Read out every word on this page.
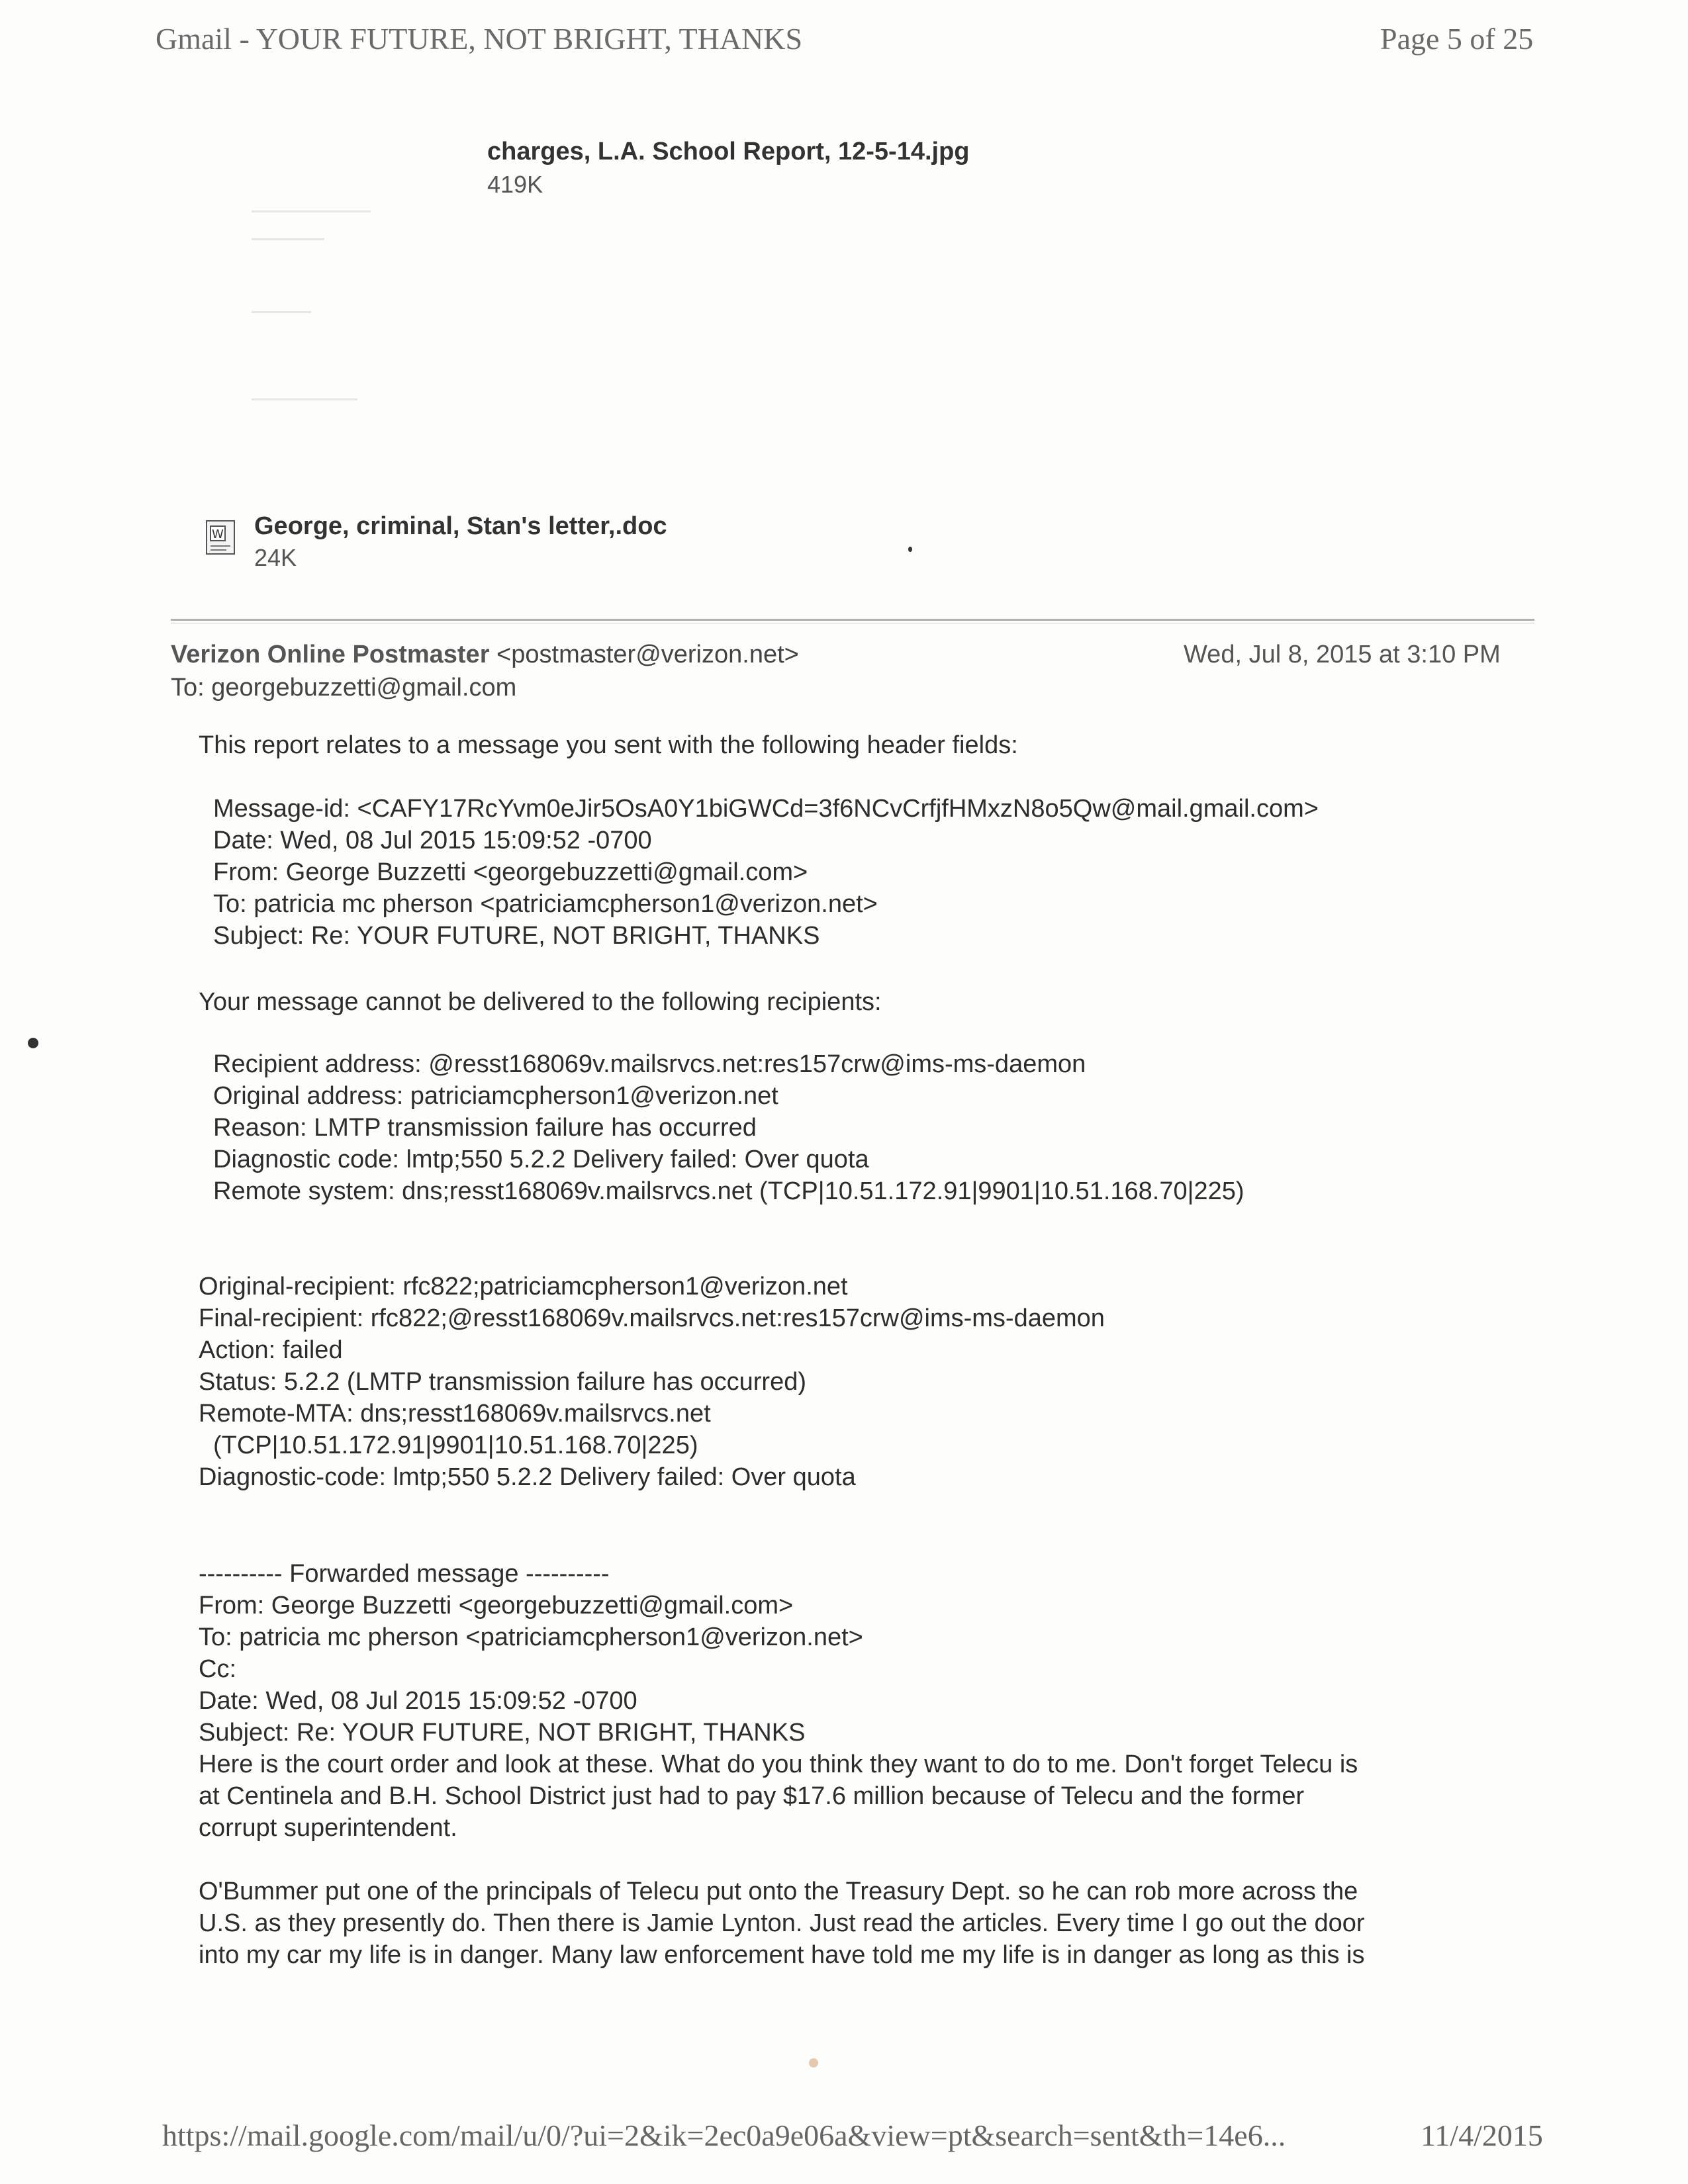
Gmail - YOUR FUTURE, NOT BRIGHT, THANKS	Page 5 of 25
charges, L.A. School Report, 12-5-14.jpg
419K
W George, criminal, Stan's letter,.doc
24K
Verizon Online Postmaster <postmaster@verizon.net>	Wed, Jul 8, 2015 at 3:10 PM
To: georgebuzzetti@gmail.com
This report relates to a message you sent with the following header fields:
Message-id: <CAFY17RcYvm0eJir5OsA0Y1biGWCd=3f6NCvCrfjfHMxzN8o5Qw@mail.gmail.com>
Date: Wed, 08 Jul 2015 15:09:52 -0700
From: George Buzzetti <georgebuzzetti@gmail.com>
To: patricia mc pherson <patriciamcpherson1@verizon.net>
Subject: Re: YOUR FUTURE, NOT BRIGHT, THANKS
Your message cannot be delivered to the following recipients:
Recipient address: @resst168069v.mailsrvcs.net:res157crw@ims-ms-daemon
Original address: patriciamcpherson1@verizon.net
Reason: LMTP transmission failure has occurred
Diagnostic code: lmtp;550 5.2.2 Delivery failed: Over quota
Remote system: dns;resst168069v.mailsrvcs.net (TCP|10.51.172.91|9901|10.51.168.70|225)
Original-recipient: rfc822;patriciamcpherson1@verizon.net
Final-recipient: rfc822;@resst168069v.mailsrvcs.net:res157crw@ims-ms-daemon
Action: failed
Status: 5.2.2 (LMTP transmission failure has occurred)
Remote-MTA: dns;resst168069v.mailsrvcs.net
(TCP|10.51.172.91|9901|10.51.168.70|225)
Diagnostic-code: lmtp;550 5.2.2 Delivery failed: Over quota
---------- Forwarded message ----------
From: George Buzzetti <georgebuzzetti@gmail.com>
To: patricia mc pherson <patriciamcpherson1@verizon.net>
Cc:
Date: Wed, 08 Jul 2015 15:09:52 -0700
Subject: Re: YOUR FUTURE, NOT BRIGHT, THANKS
Here is the court order and look at these. What do you think they want to do to me. Don't forget Telecu is
at Centinela and B.H. School District just had to pay $17.6 million because of Telecu and the former
corrupt superintendent.
O'Bummer put one of the principals of Telecu put onto the Treasury Dept. so he can rob more across the
U.S. as they presently do. Then there is Jamie Lynton. Just read the articles. Every time I go out the door
into my car my life is in danger. Many law enforcement have told me my life is in danger as long as this is
https://mail.google.com/mail/u/0/?ui=2&ik=2ec0a9e06a&view=pt&search=sent&th=14e6...	11/4/2015
